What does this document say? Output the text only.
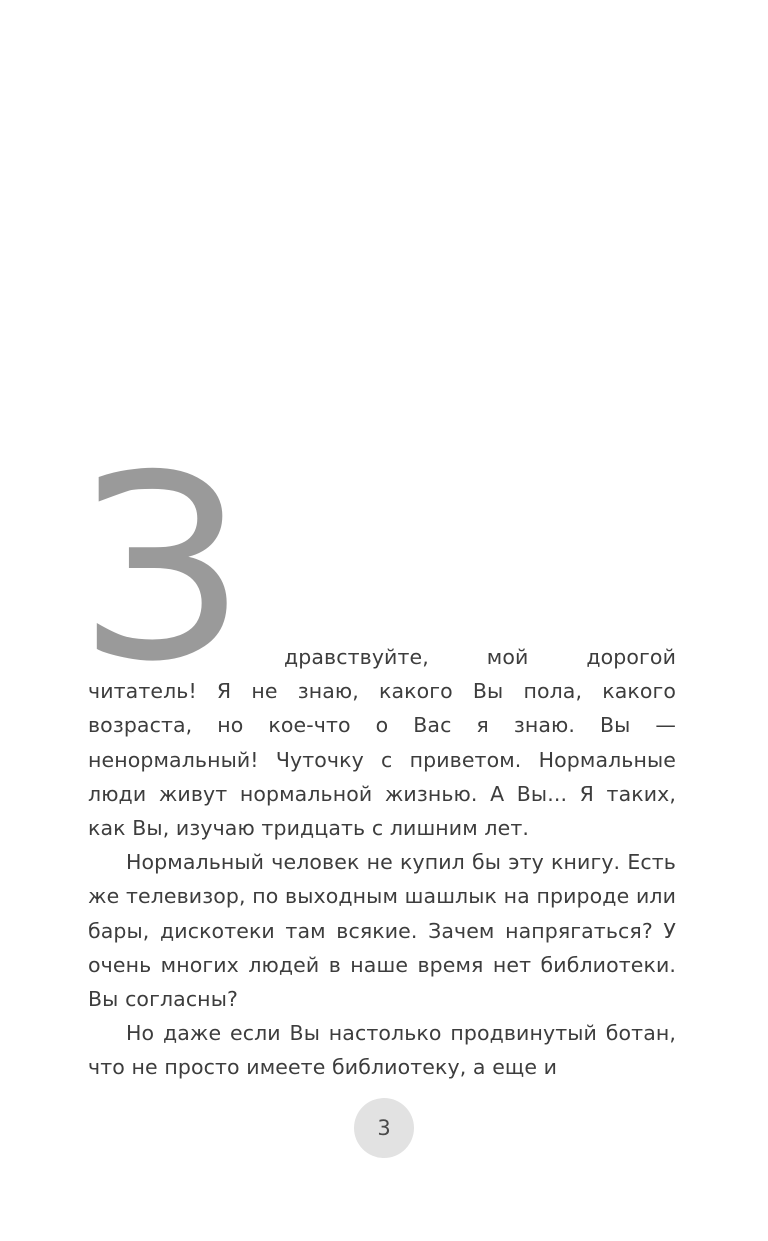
З	дравствуйте, мой дорогой читатель! Я не знаю, какого Вы пола, какого возраста, но кое-что о Вас я знаю. Вы — ненормальный! Чуточку с приветом. Нормальные люди живут нормальной жизнью. А Вы... Я таких, как Вы, изучаю тридцать с лишним лет.

Нормальный человек не купил бы эту книгу. Есть же телевизор, по выходным шашлык на природе или бары, дискотеки там всякие. Зачем напрягаться? У очень многих людей в наше время нет библиотеки. Вы согласны?

Но даже если Вы настолько продвинутый ботан, что не просто имеете библиотеку, а еще и

3
